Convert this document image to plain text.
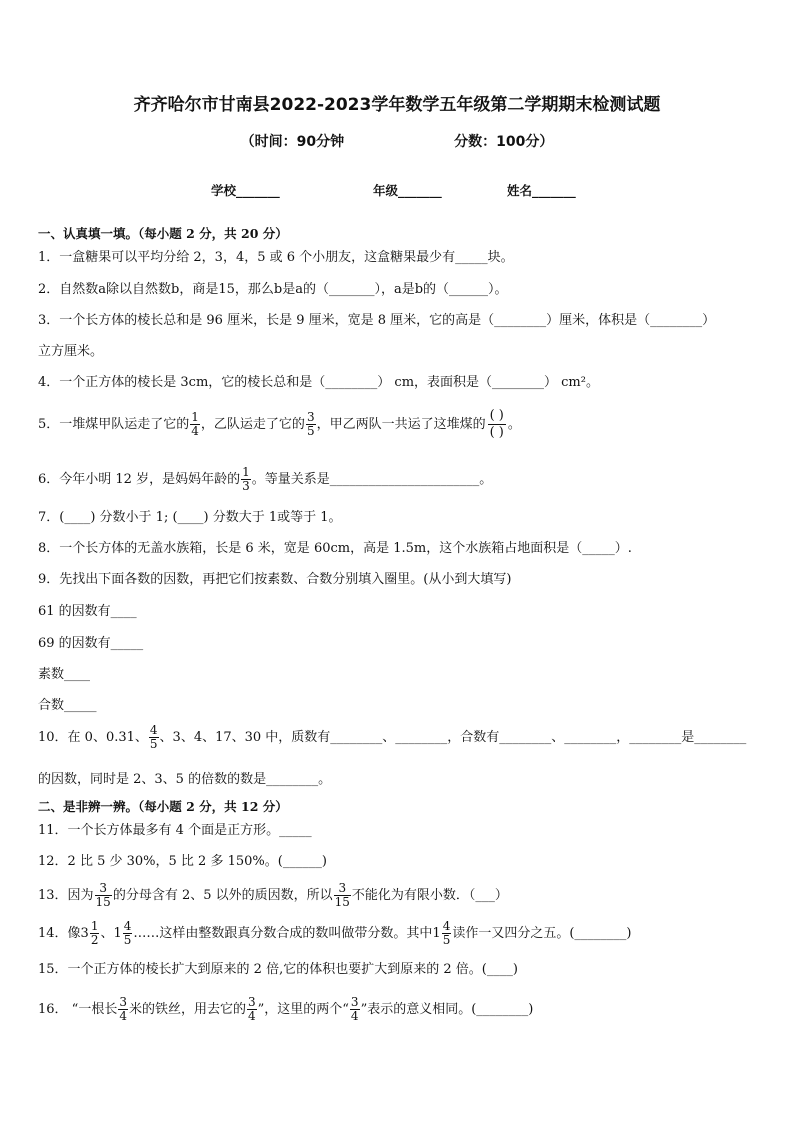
齐齐哈尔市甘南县2022-2023学年数学五年级第二学期期末检测试题
（时间：90分钟	分数：100分）
学校_______	年级_______	姓名_______
一、认真填一填。（每小题 2 分，共 20 分）
1．一盒糖果可以平均分给 2，3，4，5 或 6 个小朋友，这盒糖果最少有_____块。
2．自然数a除以自然数b，商是15，那么b是a的（_______），a是b的（______）。
3．一个长方体的棱长总和是 96 厘米，长是 9 厘米，宽是 8 厘米，它的高是（________）厘米，体积是（________）
立方厘米。
4．一个正方体的棱长是 3cm，它的棱长总和是（________） cm，表面积是（________） cm²。
5．一堆煤甲队运走了它的 $\frac{1}{4}$ ，乙队运走了它的 $\frac{3}{5}$ ，甲乙两队一共运了这堆煤的
( )
( )
。
6．今年小明 12 岁，是妈妈年龄的 $\frac{1}{3}$ 。等量关系是_______________________。
7．(____) 分数小于 1; (____) 分数大于 1或等于 1。
8．一个长方体的无盖水族箱，长是 6 米，宽是 60cm，高是 1.5m，这个水族箱占地面积是（_____）.
9．先找出下面各数的因数，再把它们按素数、合数分别填入圈里。(从小到大填写)
61 的因数有____
69 的因数有_____
素数____
合数_____
10．在 0、0.31、 $\frac{4}{5}$ 、3、4、17、30 中，质数有________、________，合数有________、________，________是________
的因数，同时是 2、3、5 的倍数的数是________。
二、是非辨一辨。（每小题 2 分，共 12 分）
11．一个长方体最多有 4 个面是正方形。_____
12．2 比 5 少 30%，5 比 2 多 150%。(______)
13．因为 $\frac{3}{15}$ 的分母含有 2、5 以外的质因数，所以 $\frac{3}{15}$ 不能化为有限小数．（___）
14．像$3 \frac{1}{2}$ 、$1 \frac{4}{5}$ ……这样由整数跟真分数合成的数叫做带分数。其中$1 \frac{4}{5}$ 读作一又四分之五。(________)
15．一个正方体的棱长扩大到原来的 2 倍,它的体积也要扩大到原来的 2 倍。(____)
16． “一根长 $\frac{3}{4}$ 米的铁丝，用去它的 $\frac{3}{4}$ ”，这里的两个“ $\frac{3}{4}$ ”表示的意义相同。(________)
